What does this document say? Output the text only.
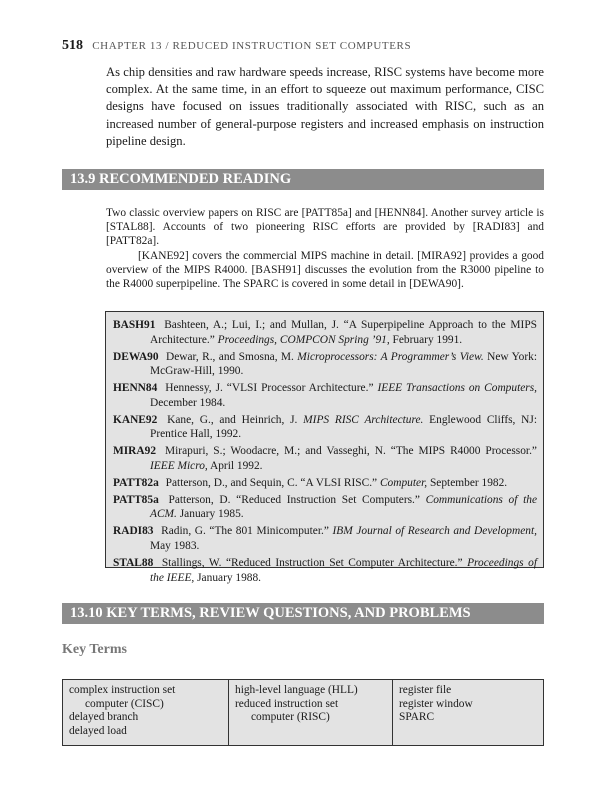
518 CHAPTER 13 / REDUCED INSTRUCTION SET COMPUTERS
As chip densities and raw hardware speeds increase, RISC systems have become more complex. At the same time, in an effort to squeeze out maximum performance, CISC designs have focused on issues traditionally associated with RISC, such as an increased number of general-purpose registers and increased emphasis on instruction pipeline design.
13.9 RECOMMENDED READING

Two classic overview papers on RISC are [PATT85a] and [HENN84]. Another survey article is [STAL88]. Accounts of two pioneering RISC efforts are provided by [RADI83] and [PATT82a].

[KANE92] covers the commercial MIPS machine in detail. [MIRA92] provides a good overview of the MIPS R4000. [BASH91] discusses the evolution from the R3000 pipeline to the R4000 superpipeline. The SPARC is covered in some detail in [DEWA90].

BASH91 Bashteen, A.; Lui, I.; and Mullan, J. “A Superpipeline Approach to the MIPS Architecture.” Proceedings, COMPCON Spring ’91, February 1991.
DEWA90 Dewar, R., and Smosna, M. Microprocessors: A Programmer’s View. New York: McGraw-Hill, 1990.
HENN84 Hennessy, J. “VLSI Processor Architecture.” IEEE Transactions on Computers, December 1984.
KANE92 Kane, G., and Heinrich, J. MIPS RISC Architecture. Englewood Cliffs, NJ: Prentice Hall, 1992.
MIRA92 Mirapuri, S.; Woodacre, M.; and Vasseghi, N. “The MIPS R4000 Processor.” IEEE Micro, April 1992.
PATT82a Patterson, D., and Sequin, C. “A VLSI RISC.” Computer, September 1982.
PATT85a Patterson, D. “Reduced Instruction Set Computers.” Communications of the ACM. January 1985.
RADI83 Radin, G. “The 801 Minicomputer.” IBM Journal of Research and Development, May 1983.
STAL88 Stallings, W. “Reduced Instruction Set Computer Architecture.” Proceedings of the IEEE, January 1988.
13.10 KEY TERMS, REVIEW QUESTIONS, AND PROBLEMS
Key Terms
complex instruction set
computer (CISC)
delayed branch
delayed load
high-level language (HLL)
reduced instruction set
computer (RISC)
register file
register window
SPARC
